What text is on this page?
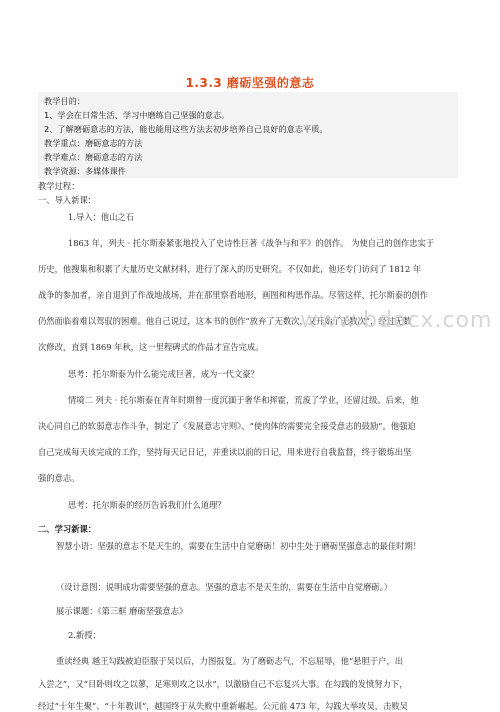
1.3.3 磨砺坚强的意志
教学目的：
1、学会在日常生活、学习中磨练自己坚强的意志。
2、了解磨砺意志的方法，能也能用这些方法去初步培养自己良好的意志平质。
教学重点：磨砺意志的方法
教学难点：磨砺意志的方法
教学资源：多媒体课件
教学过程：
一、导入新课：
1.导入：他山之石
1863 年，列夫 · 托尔斯泰紧张地投入了史诗性巨著《战争与和平》的创作。 为使自己的创作忠实于
历史，他搜集和积累了大量历史文献材料，进行了深入的历史研究。不仅如此，他还专门访问了 1812 年
战争的参加者，亲自退到了作战地战场，并在那里察看地形，画图和构思作品。尽管这样，托尔斯泰的创作
仍然面临着难以驾驭的困难。他自己说过，这本书的创作“放弃了无数次，又开始了无数次”，经过无数
次修改，直到 1869 年秋，这一里程碑式的作品才宣告完成。
思考：托尔斯泰为什么能完成巨著，成为一代文豪？
情境二 列夫 · 托尔斯泰在青年时期曾一度沉湎于奢华和挥霍，荒废了学业，还留过级。后来，他
决心同自己的软弱意志作斗争，制定了《发展意志守则》、“使肉体的需要完全接受意志的鼓励”。他强迫
自己完成每天该完成的工作，坚持每天记日记，并重读以前的日记，用来进行自我监督，终于锻炼出坚
强的意志。
思考：托尔斯泰的经历告诉我们什么道理？
二、学习新课：
智慧小语：坚强的意志不是天生的，需要在生活中自觉磨砺！初中生处于磨砺坚强意志的最佳时期！
（设计意图：说明成功需要坚强的意志。坚强的意志不是天生的，需要在生活中自觉磨砺。）
展示课题：《第三框 磨砺坚强意志》
2.新授：
重读经典 越王勾践被迫臣服于吴以后，力图报复。为了磨砺志气，不忘屈辱，他“悬胆于户，出
入尝之”，又“目卧则攻之以蓼，足寒则攻之以水”，以激励自己不忘复兴大事。在勾践的发愤努力下，
经过“十年生聚”、“十年教训”，越国终于从失败中重新崛起。公元前 473 年，勾践大举攻吴，击败吴
www.bdocx.com
